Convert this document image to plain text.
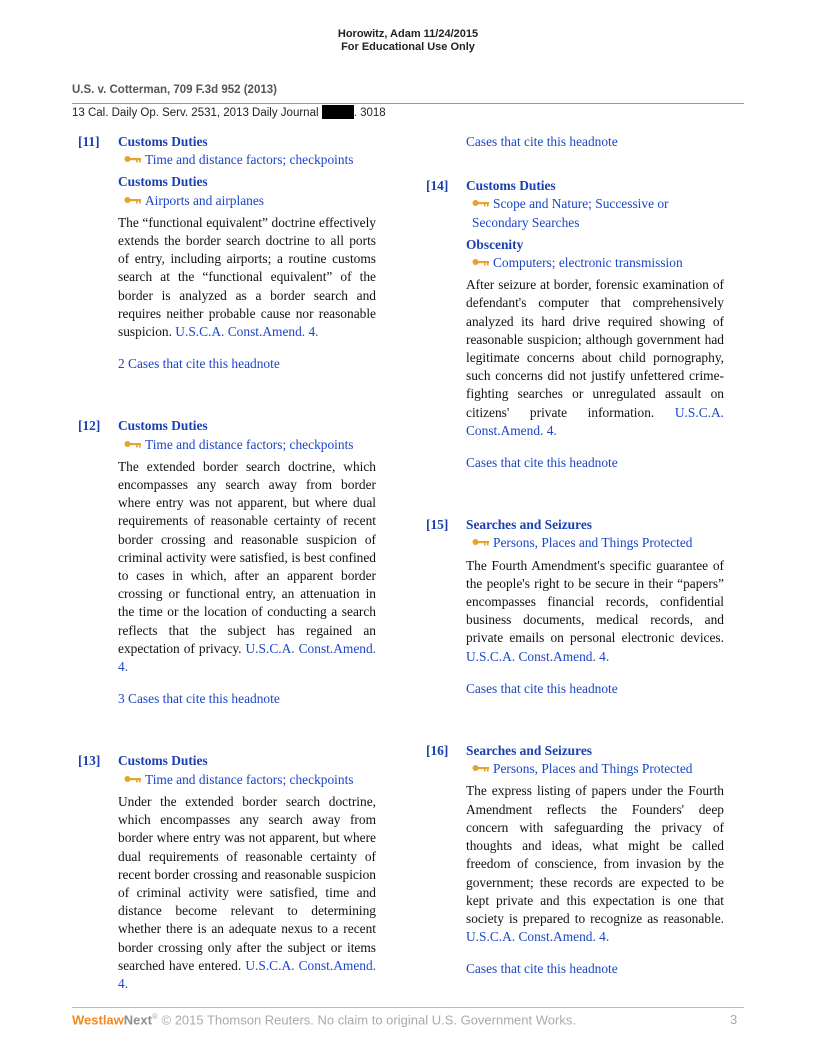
Horowitz, Adam 11/24/2015
For Educational Use Only
U.S. v. Cotterman, 709 F.3d 952 (2013)
13 Cal. Daily Op. Serv. 2531, 2013 Daily Journal	. 3018
[11] Customs Duties
Time and distance factors; checkpoints
Customs Duties
Airports and airplanes
The “functional equivalent” doctrine effectively extends the border search doctrine to all ports of entry, including airports; a routine customs search at the “functional equivalent” of the border is analyzed as a border search and requires neither probable cause nor reasonable suspicion. U.S.C.A. Const.Amend. 4.
2 Cases that cite this headnote
[12] Customs Duties
Time and distance factors; checkpoints
The extended border search doctrine, which encompasses any search away from border where entry was not apparent, but where dual requirements of reasonable certainty of recent border crossing and reasonable suspicion of criminal activity were satisfied, is best confined to cases in which, after an apparent border crossing or functional entry, an attenuation in the time or the location of conducting a search reflects that the subject has regained an expectation of privacy. U.S.C.A. Const.Amend. 4.
3 Cases that cite this headnote
[13] Customs Duties
Time and distance factors; checkpoints
Under the extended border search doctrine, which encompasses any search away from border where entry was not apparent, but where dual requirements of reasonable certainty of recent border crossing and reasonable suspicion of criminal activity were satisfied, time and distance become relevant to determining whether there is an adequate nexus to a recent border crossing only after the subject or items searched have entered. U.S.C.A. Const.Amend. 4.
Cases that cite this headnote
[14] Customs Duties
Scope and Nature; Successive or Secondary Searches
Obscenity
Computers; electronic transmission
After seizure at border, forensic examination of defendant's computer that comprehensively analyzed its hard drive required showing of reasonable suspicion; although government had legitimate concerns about child pornography, such concerns did not justify unfettered crime-fighting searches or unregulated assault on citizens' private information. U.S.C.A. Const.Amend. 4.
Cases that cite this headnote
[15] Searches and Seizures
Persons, Places and Things Protected
The Fourth Amendment's specific guarantee of the people's right to be secure in their “papers” encompasses financial records, confidential business documents, medical records, and private emails on personal electronic devices. U.S.C.A. Const.Amend. 4.
Cases that cite this headnote
[16] Searches and Seizures
Persons, Places and Things Protected
The express listing of papers under the Fourth Amendment reflects the Founders' deep concern with safeguarding the privacy of thoughts and ideas, what might be called freedom of conscience, from invasion by the government; these records are expected to be kept private and this expectation is one that society is prepared to recognize as reasonable. U.S.C.A. Const.Amend. 4.
Cases that cite this headnote
WestlawNext® © 2015 Thomson Reuters. No claim to original U.S. Government Works.	3
